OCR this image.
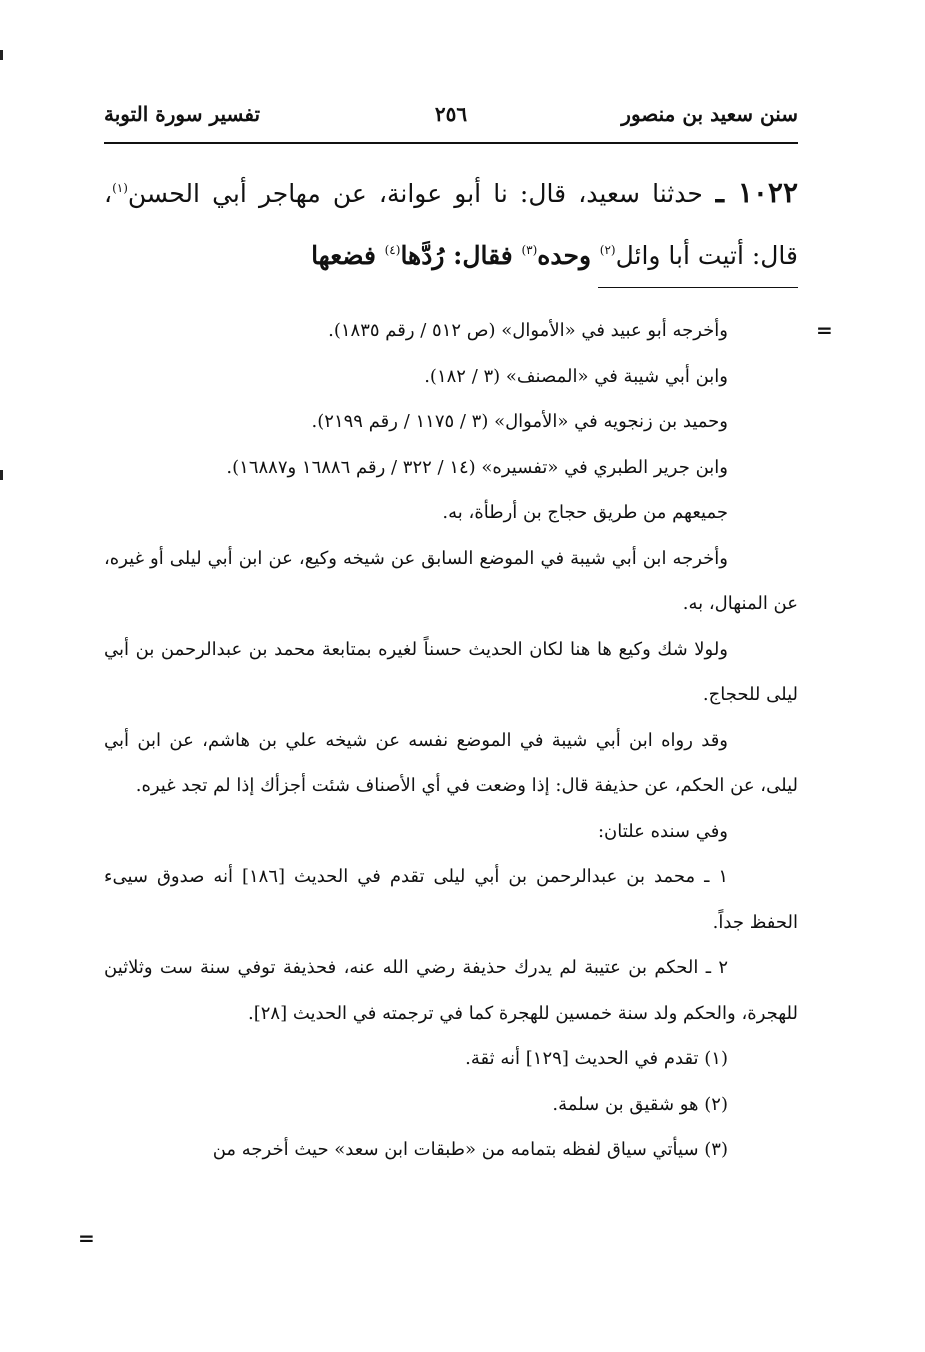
سنن سعيد بن منصور
٢٥٦
تفسير سورة التوبة
١٠٢٢ ـ حدثنا سعيد، قال: نا أبو عوانة، عن مهاجر أبي الحسن$^{(١)}$، قال: أتيت أبا وائل$^{(٢)}$ وحده$^{(٣)}$ فقال: رُدَّها$^{(٤)}$ فضعها
=

وأخرجه أبو عبيد في «الأموال» (ص ٥١٢ / رقم ١٨٣٥).

وابن أبي شيبة في «المصنف» (٣ / ١٨٢).

وحميد بن زنجويه في «الأموال» (٣ / ١١٧٥ / رقم ٢١٩٩).

وابن جرير الطبري في «تفسيره» (١٤ / ٣٢٢ / رقم ١٦٨٨٦ و١٦٨٨٧).

جميعهم من طريق حجاج بن أرطأة، به.

وأخرجه ابن أبي شيبة في الموضع السابق عن شيخه وكيع، عن ابن أبي ليلى أو غيره، عن المنهال، به.

ولولا شك وكيع ها هنا لكان الحديث حسناً لغيره بمتابعة محمد بن عبدالرحمن بن أبي ليلى للحجاج.

وقد رواه ابن أبي شيبة في الموضع نفسه عن شيخه علي بن هاشم، عن ابن أبي ليلى، عن الحكم، عن حذيفة قال: إذا وضعت في أي الأصناف شئت أجزأك إذا لم تجد غيره.

وفي سنده علتان:

١ ـ محمد بن عبدالرحمن بن أبي ليلى تقدم في الحديث [١٨٦] أنه صدوق سيىء الحفظ جداً.

٢ ـ الحكم بن عتيبة لم يدرك حذيفة رضي الله عنه، فحذيفة توفي سنة ست وثلاثين للهجرة، والحكم ولد سنة خمسين للهجرة كما في ترجمته في الحديث [٢٨].

(١) تقدم في الحديث [١٢٩] أنه ثقة.

(٢) هو شقيق بن سلمة.

(٣) سيأتي سياق لفظه بتمامه من «طبقات ابن سعد» حيث أخرجه من

=
